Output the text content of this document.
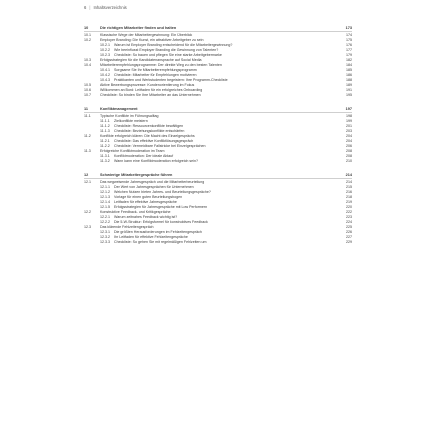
6 | Inhaltsverzeichnis
10	Die richtigen Mitarbeiter finden und halten	173
10.1	Klassische Wege der Mitarbeitergewinnung: Ein Überblick	174
10.2	Employer Branding: Die Kunst, ein attraktiver Arbeitgeber zu sein	175
10.2.1 Warum ist Employer Branding entscheidend für die Mitarbeitergewinnung?	176
10.2.2 Wie beeinflusst Employer Branding die Gewinnung von Talenten?	177
10.2.3 Checkliste: So bauen und pflegen Sie eine starke Arbeitgebermarke	179
10.3	Erfolgsstrategien für die Kandidatenansprache auf Social Media	182
10.4	Mitarbeiterempfehlungsprogramme: Der direkte Weg zu den besten Talenten	184
10.4.1 Sorgsame Sie Ihr Mitarbeiterempfehlungsprogramm	185
10.4.2 Checkliste: Mitarbeiter für Empfehlungen motivieren	186
10.4.3 Praktikanten und Werkstudenten begeistern: Ihre Programm-Checkliste	188
10.5	Aktive Bewerbungsprozesse: Kundenorientierung im Fokus	189
10.6	Willkommen an Bord: Leitfaden für ein erfolgreiches Onboarding	191
10.7	Checkliste: So binden Sie Ihre Mitarbeiter an das Unternehmen	195
11	Konfliktmanagement	197
11.1	Typische Konflikte im Führungsalltag	198
11.1.1 Zielkonflikte meistern	199
11.1.2 Checkliste: Ressourcenkonflikte bewältigen	201
11.1.3 Checkliste: Beziehungskonflikte entschärfen	203
11.2	Konflikte erfolgreich klären: Die Macht des Einzelgesprächs	204
11.2.1 Checkliste: Das effektive Konfliktlösungsgespräch	204
11.2.2 Checkliste: Vermeidbare Fallstricke bei Einzelgesprächen	206
11.3	Erfolgreiche Konfliktmoderation im Team	208
11.3.1 Konfliktmoderation: Der ideale Ablauf	208
11.3.2 Wann kann eine Konfliktmoderation erfolgreich sein?	210
12	Schwierige Mitarbeitergespräche führen	214
12.1	Das wegweisende Jahresgespräch und die Mitarbeiterbeurteilung	214
12.1.1 Der Wert von Jahresgesprächen für Unternehmen	215
12.1.2 Welchen Nutzen bieten Jahres- und Beurteilungsgespräche?	216
12.1.3 Vorlage für einen guten Beurteilungsbogen	218
12.1.4 Leitfaden für effektive Jahresgespräche	219
12.1.5 Erfolgsstrategien für Jahresgespräche mit Low Performern	220
12.2	Konstruktive Feedback- und Kritikgespräche	222
12.2.1 Warum zeitnahes Feedback wichtig ist?	223
12.2.2 Die 5-W-Struktur: Erfolgsformel für konstruktives Feedback	224
12.3	Das klärende Fehlzeitengespräch	225
12.3.1 Die größten Herausforderungen im Fehlzeitengespräch	226
12.3.2 Ihr Leitfaden für effektive Fehlzeitengespräche	227
12.3.3 Checkliste: So gehen Sie mit regelmäßigen Fehlzeiten um	229
